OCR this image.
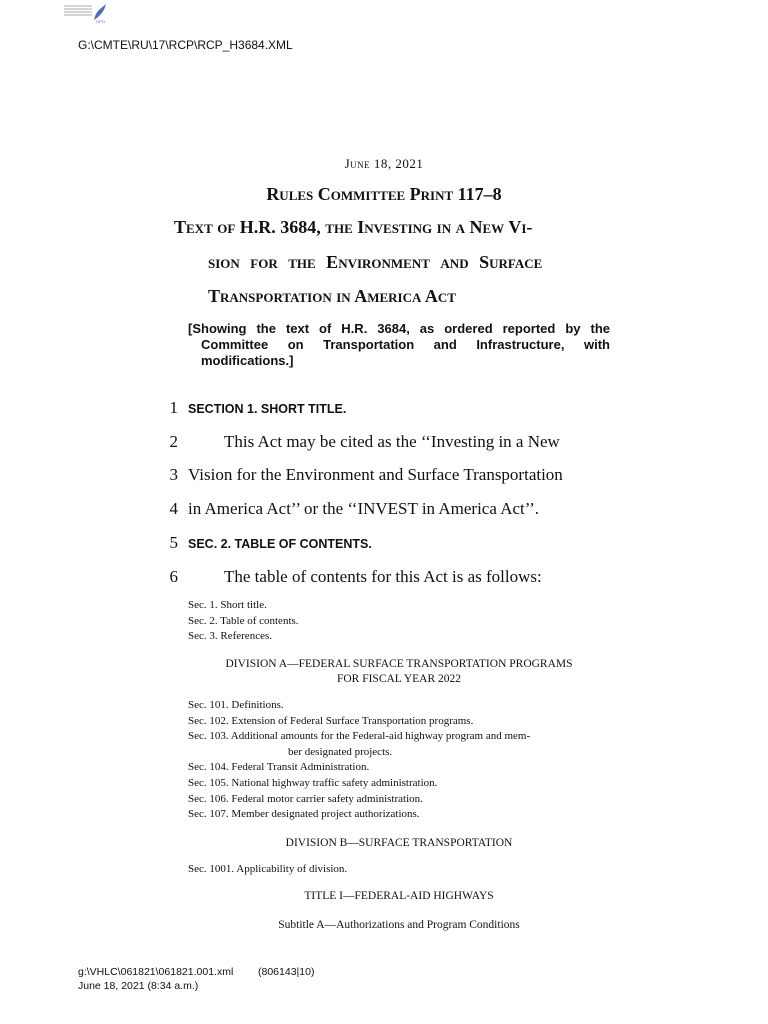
GPO
G:\CMTE\RU\17\RCP\RCP_H3684.XML
June 18, 2021
Rules Committee Print 117–8
Text of H.R. 3684, the Investing in a New Vi-
sion for the Environment and Surface
Transportation in America Act
[Showing the text of H.R. 3684, as ordered reported by the Committee on Transportation and Infrastructure, with modifications.]
1 SECTION 1. SHORT TITLE.
2	This Act may be cited as the ‘‘Investing in a New
3 Vision for the Environment and Surface Transportation
4 in America Act’’ or the ‘‘INVEST in America Act’’.
5 SEC. 2. TABLE OF CONTENTS.
6	The table of contents for this Act is as follows:
Sec. 1. Short title.
Sec. 2. Table of contents.
Sec. 3. References.
DIVISION A—FEDERAL SURFACE TRANSPORTATION PROGRAMS
FOR FISCAL YEAR 2022
Sec. 101. Definitions.
Sec. 102. Extension of Federal Surface Transportation programs.
Sec. 103. Additional amounts for the Federal-aid highway program and mem-
ber designated projects.
Sec. 104. Federal Transit Administration.
Sec. 105. National highway traffic safety administration.
Sec. 106. Federal motor carrier safety administration.
Sec. 107. Member designated project authorizations.
DIVISION B—SURFACE TRANSPORTATION
Sec. 1001. Applicability of division.
TITLE I—FEDERAL-AID HIGHWAYS
Subtitle A—Authorizations and Program Conditions
g:\VHLC\061821\061821.001.xml (806143|10)
June 18, 2021 (8:34 a.m.)
